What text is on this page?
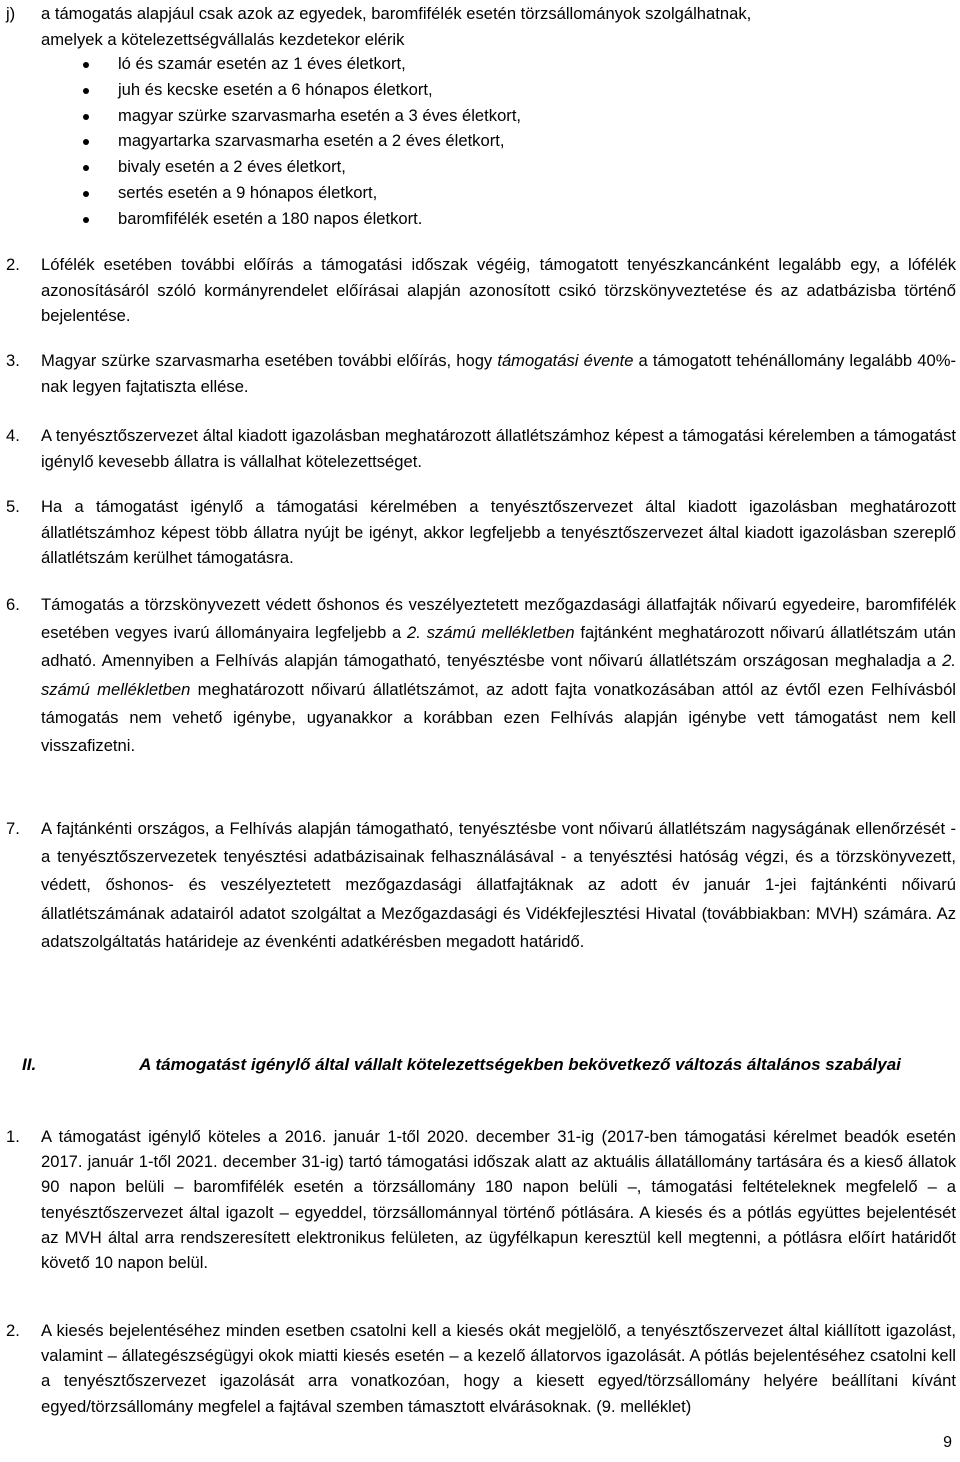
j) a támogatás alapjául csak azok az egyedek, baromfifélék esetén törzsállományok szolgálhatnak,
amelyek a kötelezettségvállalás kezdetekor elérik
ló és szamár esetén az 1 éves életkort,
juh és kecske esetén a 6 hónapos életkort,
magyar szürke szarvasmarha esetén a 3 éves életkort,
magyartarka szarvasmarha esetén a 2 éves életkort,
bivaly esetén a 2 éves életkort,
sertés esetén a 9 hónapos életkort,
baromfifélék esetén a 180 napos életkort.
2. Lófélék esetében további előírás a támogatási időszak végéig, támogatott tenyészkancánként legalább egy, a lófélék azonosításáról szóló kormányrendelet előírásai alapján azonosított csikó törzskönyveztetése és az adatbázisba történő bejelentése.
3. Magyar szürke szarvasmarha esetében további előírás, hogy támogatási évente a támogatott tehénállomány legalább 40%-nak legyen fajtatiszta ellése.
4. A tenyésztőszervezet által kiadott igazolásban meghatározott állatlétszámhoz képest a támogatási kérelemben a támogatást igénylő kevesebb állatra is vállalhat kötelezettséget.
5. Ha a támogatást igénylő a támogatási kérelmében a tenyésztőszervezet által kiadott igazolásban meghatározott állatlétszámhoz képest több állatra nyújt be igényt, akkor legfeljebb a tenyésztőszervezet által kiadott igazolásban szereplő állatlétszám kerülhet támogatásra.
6. Támogatás a törzskönyvezett védett őshonos és veszélyeztetett mezőgazdasági állatfajták nőivarú egyedeire, baromfifélék esetében vegyes ivarú állományaira legfeljebb a 2. számú mellékletben fajtánként meghatározott nőivarú állatlétszám után adható. Amennyiben a Felhívás alapján támogatható, tenyésztésbe vont nőivarú állatlétszám országosan meghaladja a 2. számú mellékletben meghatározott nőivarú állatlétszámot, az adott fajta vonatkozásában attól az évtől ezen Felhívásból támogatás nem vehető igénybe, ugyanakkor a korábban ezen Felhívás alapján igénybe vett támogatást nem kell visszafizetni.
7. A fajtánkénti országos, a Felhívás alapján támogatható, tenyésztésbe vont nőivarú állatlétszám nagyságának ellenőrzését - a tenyésztőszervezetek tenyésztési adatbázisainak felhasználásával - a tenyésztési hatóság végzi, és a törzskönyvezett, védett, őshonos- és veszélyeztetett mezőgazdasági állatfajtáknak az adott év január 1-jei fajtánkénti nőivarú állatlétszámának adatairól adatot szolgáltat a Mezőgazdasági és Vidékfejlesztési Hivatal (továbbiakban: MVH) számára. Az adatszolgáltatás határideje az évenkénti adatkérésben megadott határidő.
II.	A támogatást igénylő által vállalt kötelezettségekben bekövetkező változás általános szabályai
1. A támogatást igénylő köteles a 2016. január 1-től 2020. december 31-ig (2017-ben támogatási kérelmet beadók esetén 2017. január 1-től 2021. december 31-ig) tartó támogatási időszak alatt az aktuális állatállomány tartására és a kieső állatok 90 napon belüli – baromfifélék esetén a törzsállomány 180 napon belüli –, támogatási feltételeknek megfelelő – a tenyésztőszervezet által igazolt – egyeddel, törzsállománnyal történő pótlására. A kiesés és a pótlás együttes bejelentését az MVH által arra rendszeresített elektronikus felületen, az ügyfélkapun keresztül kell megtenni, a pótlásra előírt határidőt követő 10 napon belül.
2. A kiesés bejelentéséhez minden esetben csatolni kell a kiesés okát megjelölő, a tenyésztőszervezet által kiállított igazolást, valamint – állategészségügyi okok miatti kiesés esetén – a kezelő állatorvos igazolását. A pótlás bejelentéséhez csatolni kell a tenyésztőszervezet igazolását arra vonatkozóan, hogy a kiesett egyed/törzsállomány helyére beállítani kívánt egyed/törzsállomány megfelel a fajtával szemben támasztott elvárásoknak. (9. melléklet)
9
